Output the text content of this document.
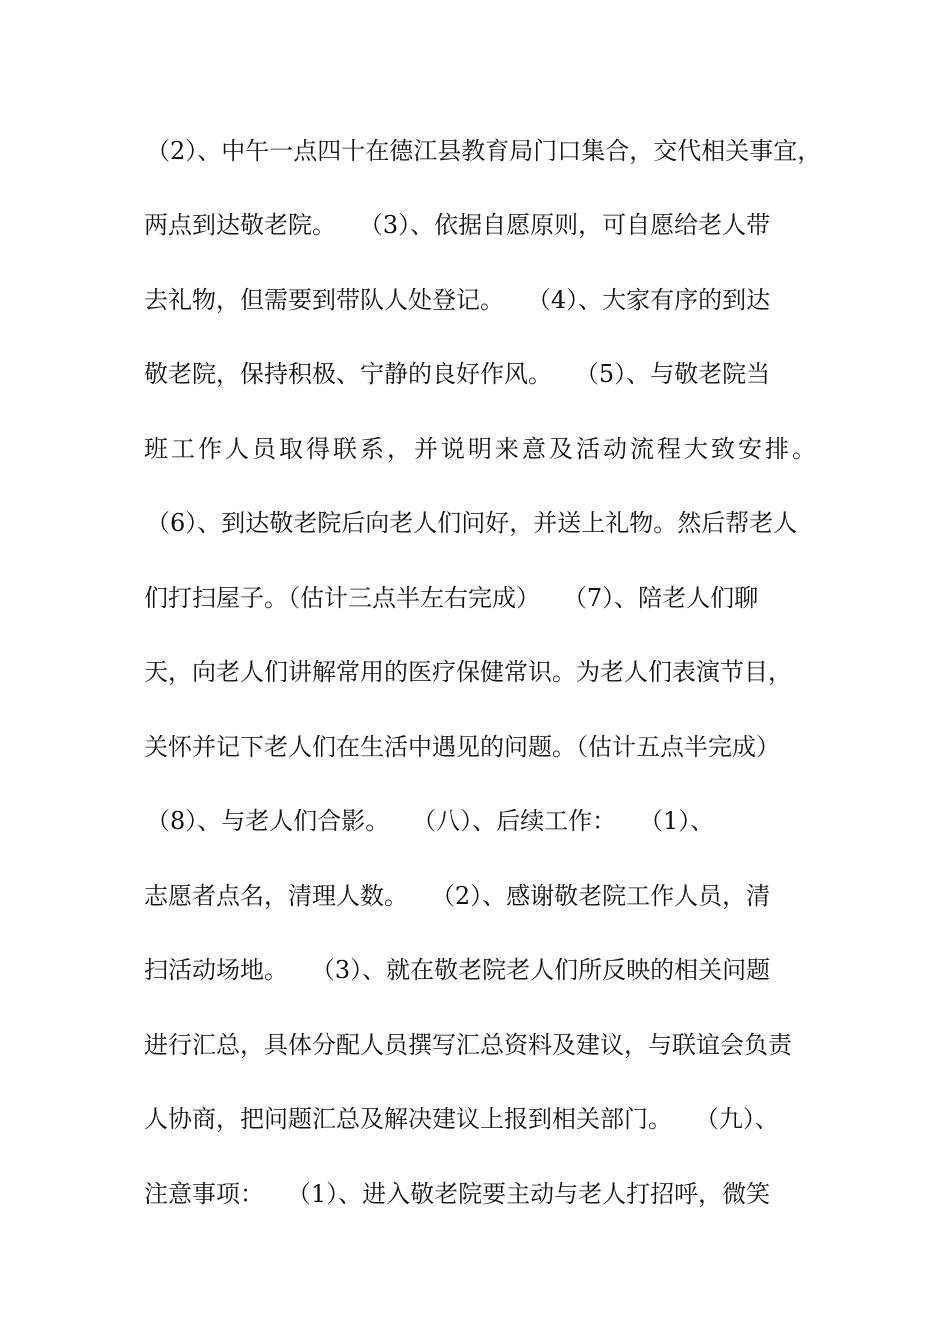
（2）、中午一点四十在德江县教育局门口集合，交代相关事宜，

两点到达敬老院。   （3）、依据自愿原则，可自愿给老人带

去礼物，但需要到带队人处登记。   （4）、大家有序的到达

敬老院，保持积极、宁静的良好作风。   （5）、与敬老院当

班工作人员取得联系，并说明来意及活动流程大致安排。

（6）、到达敬老院后向老人们问好，并送上礼物。然后帮老人

们打扫屋子。（估计三点半左右完成）   （7）、陪老人们聊

天，向老人们讲解常用的医疗保健常识。为老人们表演节目，

关怀并记下老人们在生活中遇见的问题。（估计五点半完成）

（8）、与老人们合影。   （八）、后续工作：   （1）、

志愿者点名，清理人数。   （2）、感谢敬老院工作人员，清

扫活动场地。   （3）、就在敬老院老人们所反映的相关问题

进行汇总，具体分配人员撰写汇总资料及建议，与联谊会负责

人协商，把问题汇总及解决建议上报到相关部门。   （九）、

注意事项：   （1）、进入敬老院要主动与老人打招呼，微笑
